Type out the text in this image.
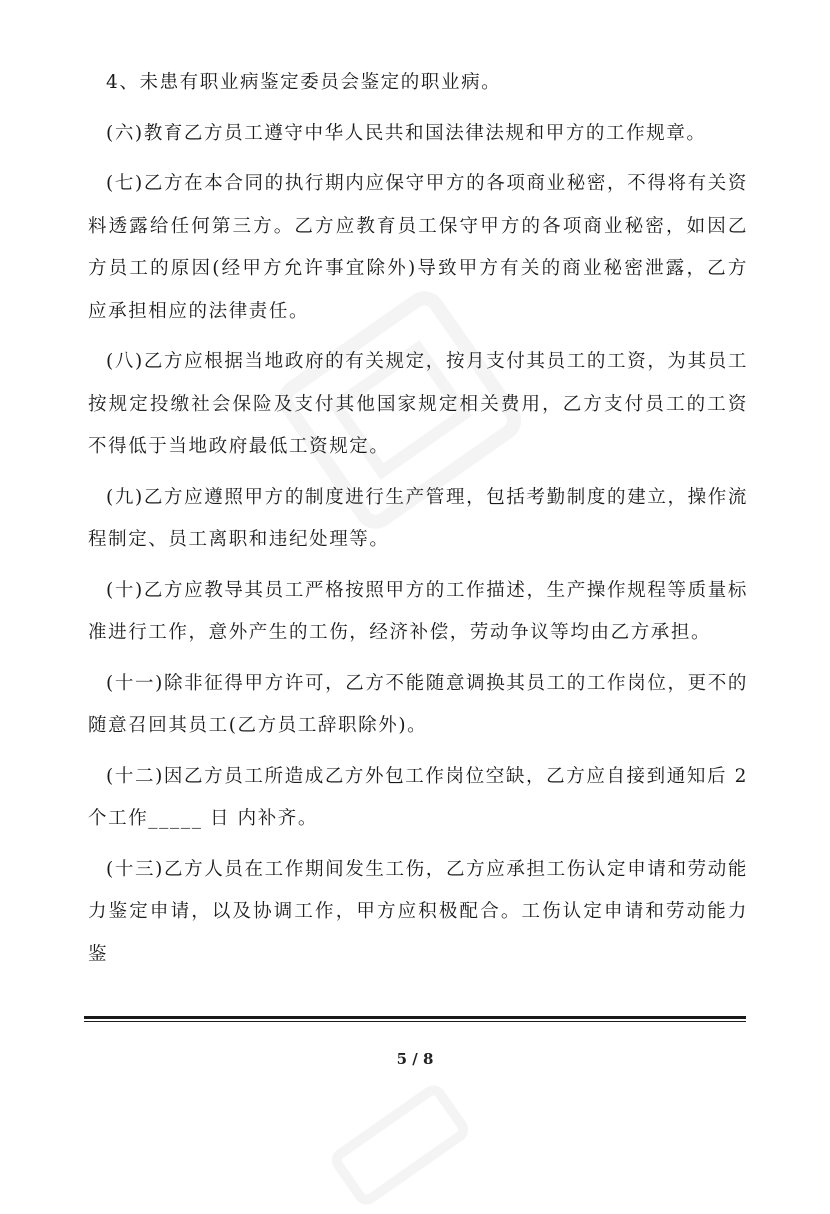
4、未患有职业病鉴定委员会鉴定的职业病。

(六)教育乙方员工遵守中华人民共和国法律法规和甲方的工作规章。

(七)乙方在本合同的执行期内应保守甲方的各项商业秘密，不得将有关资料透露给任何第三方。乙方应教育员工保守甲方的各项商业秘密，如因乙方员工的原因(经甲方允许事宜除外)导致甲方有关的商业秘密泄露，乙方应承担相应的法律责任。

(八)乙方应根据当地政府的有关规定，按月支付其员工的工资，为其员工按规定投缴社会保险及支付其他国家规定相关费用，乙方支付员工的工资不得低于当地政府最低工资规定。

(九)乙方应遵照甲方的制度进行生产管理，包括考勤制度的建立，操作流程制定、员工离职和违纪处理等。

(十)乙方应教导其员工严格按照甲方的工作描述，生产操作规程等质量标准进行工作，意外产生的工伤，经济补偿，劳动争议等均由乙方承担。

(十一)除非征得甲方许可，乙方不能随意调换其员工的工作岗位，更不的随意召回其员工(乙方员工辞职除外)。

(十二)因乙方员工所造成乙方外包工作岗位空缺，乙方应自接到通知后 2 个工作_____ 日 内补齐。

(十三)乙方人员在工作期间发生工伤，乙方应承担工伤认定申请和劳动能力鉴定申请，以及协调工作，甲方应积极配合。工伤认定申请和劳动能力鉴

5 / 8
